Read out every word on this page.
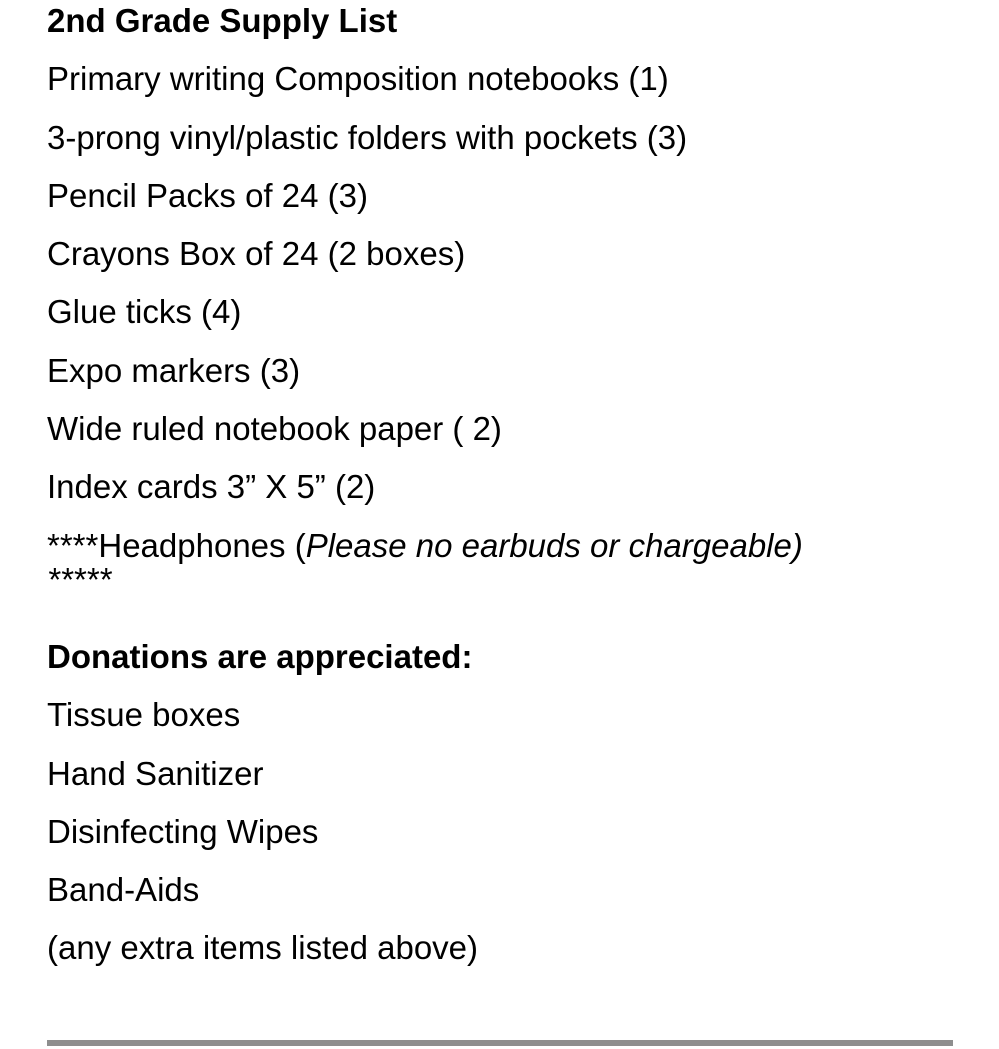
2nd Grade Supply List
Primary writing Composition notebooks (1)
3-prong vinyl/plastic folders with pockets (3)
Pencil Packs of 24 (3)
Crayons Box of 24 (2 boxes)
Glue ticks (4)
Expo markers (3)
Wide ruled notebook paper ( 2)
Index cards 3” X 5” (2)
****Headphones (Please no earbuds or chargeable)
*****
Donations are appreciated:
Tissue boxes
Hand Sanitizer
Disinfecting Wipes
Band-Aids
(any extra items listed above)
